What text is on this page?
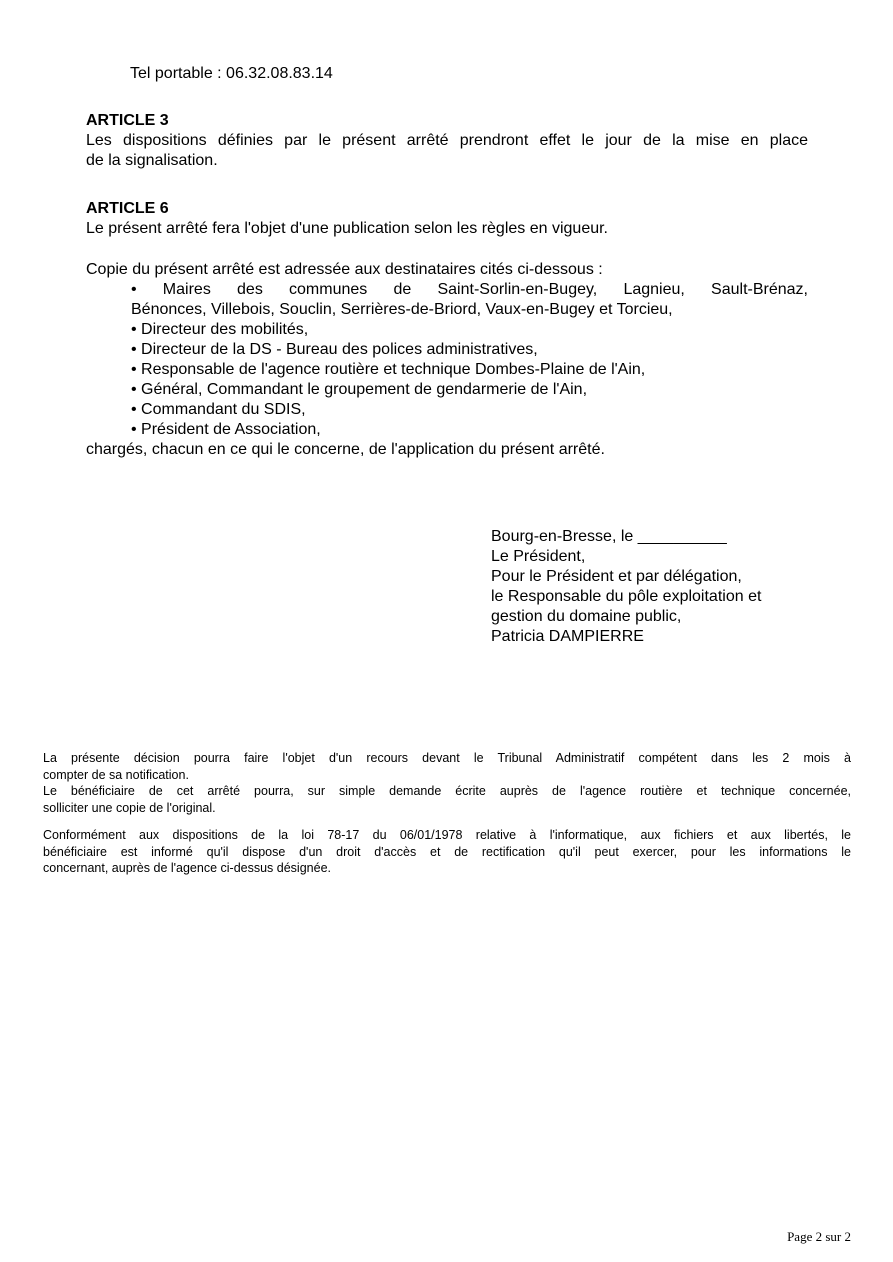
Tel portable : 06.32.08.83.14
ARTICLE 3
Les dispositions définies par le présent arrêté prendront effet le jour de la mise en place
de la signalisation.
ARTICLE 6
Le présent arrêté fera l'objet d'une publication selon les règles en vigueur.
Copie du présent arrêté est adressée aux destinataires cités ci-dessous :
• Maires des communes de Saint-Sorlin-en-Bugey, Lagnieu, Sault-Brénaz,
Bénonces, Villebois, Souclin, Serrières-de-Briord, Vaux-en-Bugey et Torcieu,
• Directeur des mobilités,
• Directeur de la DS - Bureau des polices administratives,
• Responsable de l'agence routière et technique Dombes-Plaine de l'Ain,
• Général, Commandant le groupement de gendarmerie de l'Ain,
• Commandant du SDIS,
• Président de Association,
chargés, chacun en ce qui le concerne, de l'application du présent arrêté.
Bourg-en-Bresse, le __________
Le Président,
Pour le Président et par délégation,
le Responsable du pôle exploitation et
gestion du domaine public,
Patricia DAMPIERRE
La présente décision pourra faire l'objet d'un recours devant le Tribunal Administratif compétent dans les 2 mois à
compter de sa notification.
Le bénéficiaire de cet arrêté pourra, sur simple demande écrite auprès de l'agence routière et technique concernée,
solliciter une copie de l'original.
Conformément aux dispositions de la loi 78-17 du 06/01/1978 relative à l'informatique, aux fichiers et aux libertés, le
bénéficiaire est informé qu'il dispose d'un droit d'accès et de rectification qu'il peut exercer, pour les informations le
concernant, auprès de l'agence ci-dessus désignée.
Page 2 sur 2
